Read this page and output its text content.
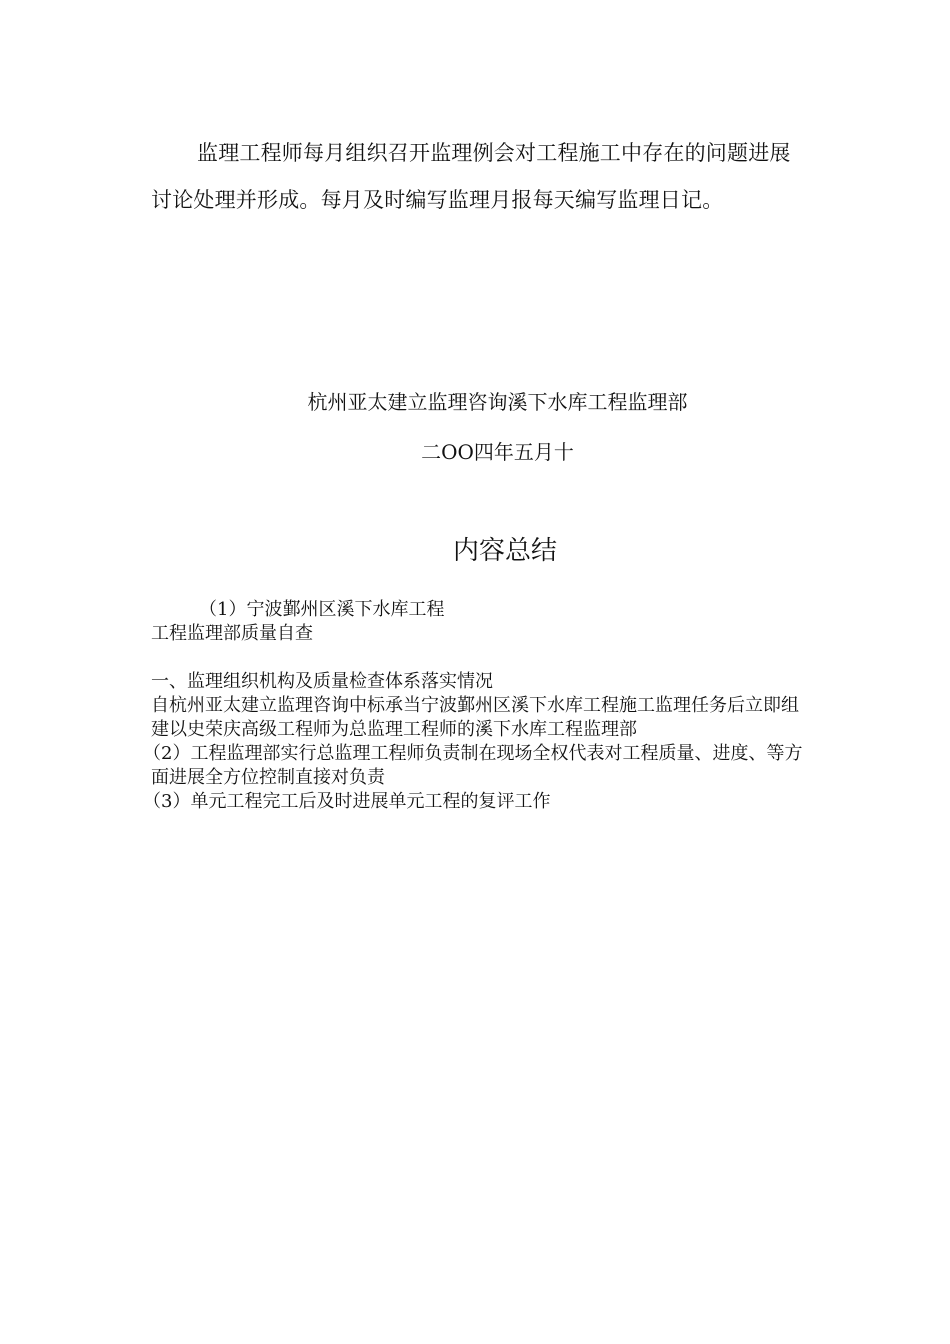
监理工程师每月组织召开监理例会对工程施工中存在的问题进展讨论处理并形成。每月及时编写监理月报每天编写监理日记。

杭州亚太建立监理咨询溪下水库工程监理部
二OO四年五月十
内容总结
（1）宁波鄞州区溪下水库工程
工程监理部质量自查
一、监理组织机构及质量检查体系落实情况
自杭州亚太建立监理咨询中标承当宁波鄞州区溪下水库工程施工监理任务后立即组建以史荣庆高级工程师为总监理工程师的溪下水库工程监理部
（2）工程监理部实行总监理工程师负责制在现场全权代表对工程质量、进度、等方面进展全方位控制直接对负责
（3）单元工程完工后及时进展单元工程的复评工作
